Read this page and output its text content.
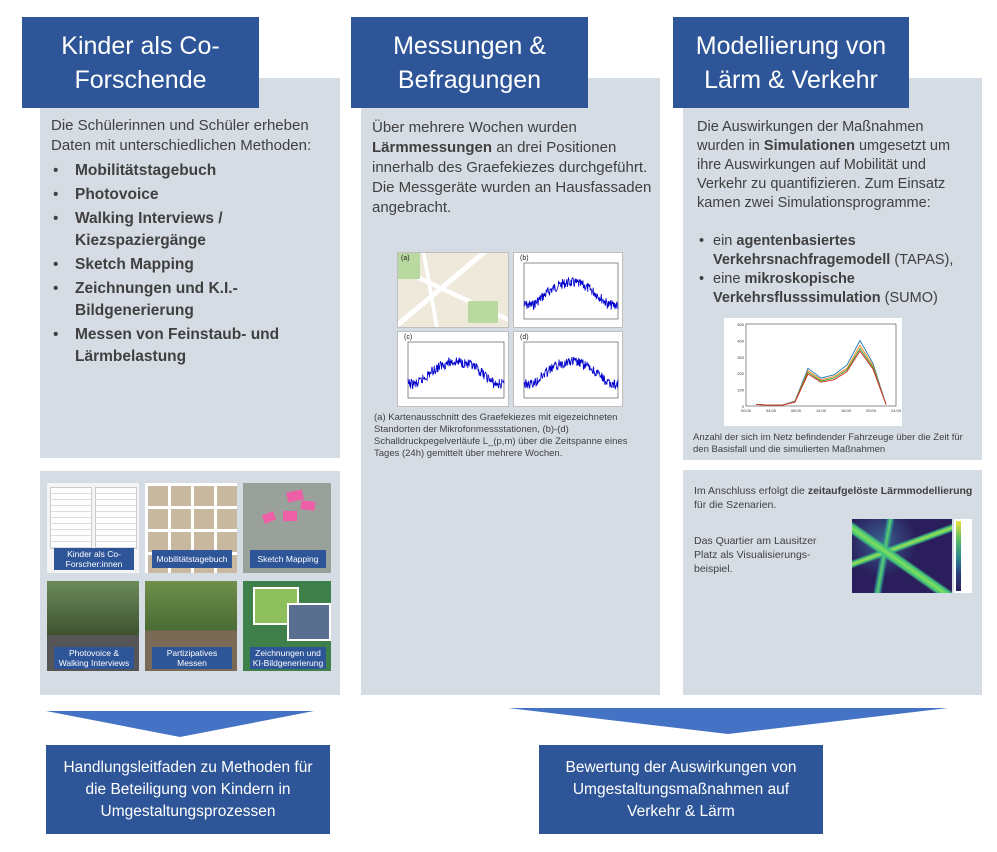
Kinder als Co-Forschende
Die Schülerinnen und Schüler erheben Daten mit unterschiedlichen Methoden:
• Mobilitätstagebuch
• Photovoice
• Walking Interviews / Kiezspaziergänge
• Sketch Mapping
• Zeichnungen und K.I.-Bildgenerierung
• Messen von Feinstaub- und Lärmbelastung
Kinder als Co-Forscher:innen	Mobilitätstagebuch	Sketch Mapping
Photovoice & Walking Interviews
Partizipatives Messen
Zeichnungen und KI-Bildgenerierung
Messungen & Befragungen
Über mehrere Wochen wurden Lärmmessungen an drei Positionen innerhalb des Graefekiezes durchgeführt. Die Messgeräte wurden an Hausfassaden angebracht.
(a)	(b)
(c)	(d)
(a) Kartenausschnitt des Graefekiezes mit eigezeichneten Standorten der Mikrofonmessstationen, (b)-(d) Schalldruckpegelverläufe L_(p,m) über die Zeitspanne eines Tages (24h) gemittelt über mehrere Wochen.
Modellierung von Lärm & Verkehr
Die Auswirkungen der Maßnahmen wurden in Simulationen umgesetzt um ihre Auswirkungen auf Mobilität und Verkehr zu quantifizieren. Zum Einsatz kamen zwei Simulationsprogramme:
• ein agentenbasiertes Verkehrsnachfragemodell (TAPAS),
• eine mikroskopische Verkehrsflusssimulation (SUMO)
0
100
200
300
400
500
00:00	04:00	08:00	12:00	16:00	20:00	24:00
Anzahl der sich im Netz befindender Fahrzeuge über die Zeit für den Basisfall und die simulierten Maßnahmen
Im Anschluss erfolgt die zeitaufgelöste Lärmmodellierung für die Szenarien.
Das Quartier am Lausitzer Platz als Visualisierungs-beispiel.
Handlungsleitfaden zu Methoden für die Beteiligung von Kindern in Umgestaltungsprozessen
Bewertung der Auswirkungen von Umgestaltungsmaßnahmen auf Verkehr & Lärm
